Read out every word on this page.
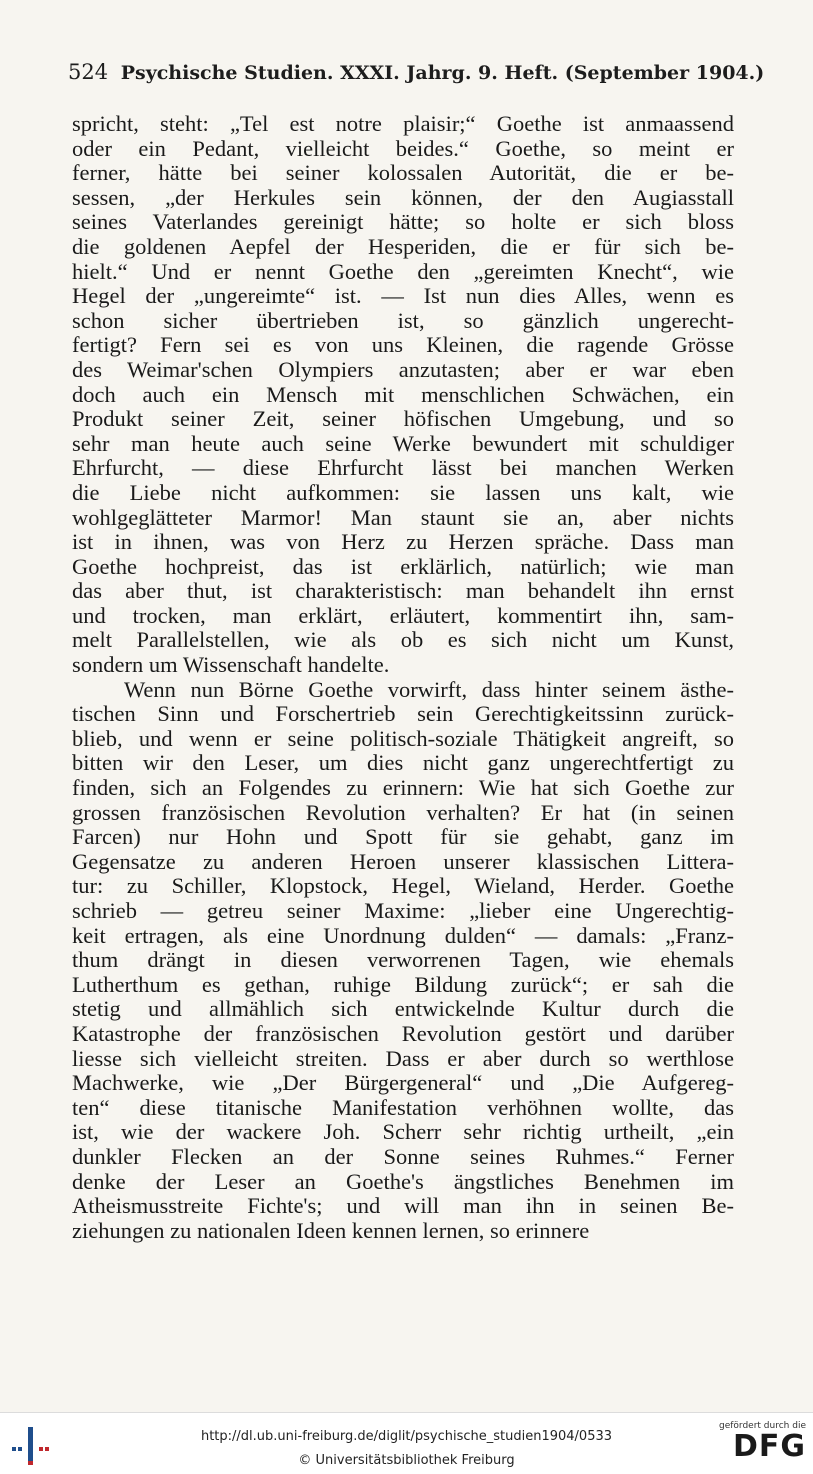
524 Psychische Studien. XXXI. Jahrg. 9. Heft. (September 1904.)
spricht, steht: „Tel est notre plaisir;“ Goethe ist anmaassend
oder ein Pedant, vielleicht beides.“ Goethe, so meint er
ferner, hätte bei seiner kolossalen Autorität, die er be-
sessen, „der Herkules sein können, der den Augiasstall
seines Vaterlandes gereinigt hätte; so holte er sich bloss
die goldenen Aepfel der Hesperiden, die er für sich be-
hielt.“ Und er nennt Goethe den „gereimten Knecht“, wie
Hegel der „ungereimte“ ist. — Ist nun dies Alles, wenn es
schon sicher übertrieben ist, so gänzlich ungerecht-
fertigt? Fern sei es von uns Kleinen, die ragende Grösse
des Weimar'schen Olympiers anzutasten; aber er war eben
doch auch ein Mensch mit menschlichen Schwächen, ein
Produkt seiner Zeit, seiner höfischen Umgebung, und so
sehr man heute auch seine Werke bewundert mit schuldiger
Ehrfurcht, — diese Ehrfurcht lässt bei manchen Werken
die Liebe nicht aufkommen: sie lassen uns kalt, wie
wohlgeglätteter Marmor! Man staunt sie an, aber nichts
ist in ihnen, was von Herz zu Herzen spräche. Dass man
Goethe hochpreist, das ist erklärlich, natürlich; wie man
das aber thut, ist charakteristisch: man behandelt ihn ernst
und trocken, man erklärt, erläutert, kommentirt ihn, sam-
melt Parallelstellen, wie als ob es sich nicht um Kunst,
sondern um Wissenschaft handelte.
Wenn nun Börne Goethe vorwirft, dass hinter seinem ästhe-
tischen Sinn und Forschertrieb sein Gerechtigkeitssinn zurück-
blieb, und wenn er seine politisch-soziale Thätigkeit angreift, so
bitten wir den Leser, um dies nicht ganz ungerechtfertigt zu
finden, sich an Folgendes zu erinnern: Wie hat sich Goethe zur
grossen französischen Revolution verhalten? Er hat (in seinen
Farcen) nur Hohn und Spott für sie gehabt, ganz im
Gegensatze zu anderen Heroen unserer klassischen Littera-
tur: zu Schiller, Klopstock, Hegel, Wieland, Herder. Goethe
schrieb — getreu seiner Maxime: „lieber eine Ungerechtig-
keit ertragen, als eine Unordnung dulden“ — damals: „Franz-
thum drängt in diesen verworrenen Tagen, wie ehemals
Lutherthum es gethan, ruhige Bildung zurück“; er sah die
stetig und allmählich sich entwickelnde Kultur durch die
Katastrophe der französischen Revolution gestört und darüber
liesse sich vielleicht streiten. Dass er aber durch so werthlose
Machwerke, wie „Der Bürgergeneral“ und „Die Aufgereg-
ten“ diese titanische Manifestation verhöhnen wollte, das
ist, wie der wackere Joh. Scherr sehr richtig urtheilt, „ein
dunkler Flecken an der Sonne seines Ruhmes.“ Ferner
denke der Leser an Goethe's ängstliches Benehmen im
Atheismusstreite Fichte's; und will man ihn in seinen Be-
ziehungen zu nationalen Ideen kennen lernen, so erinnere
http://dl.ub.uni-freiburg.de/diglit/psychische_studien1904/0533
© Universitätsbibliothek Freiburg
gefördert durch die
DFG
